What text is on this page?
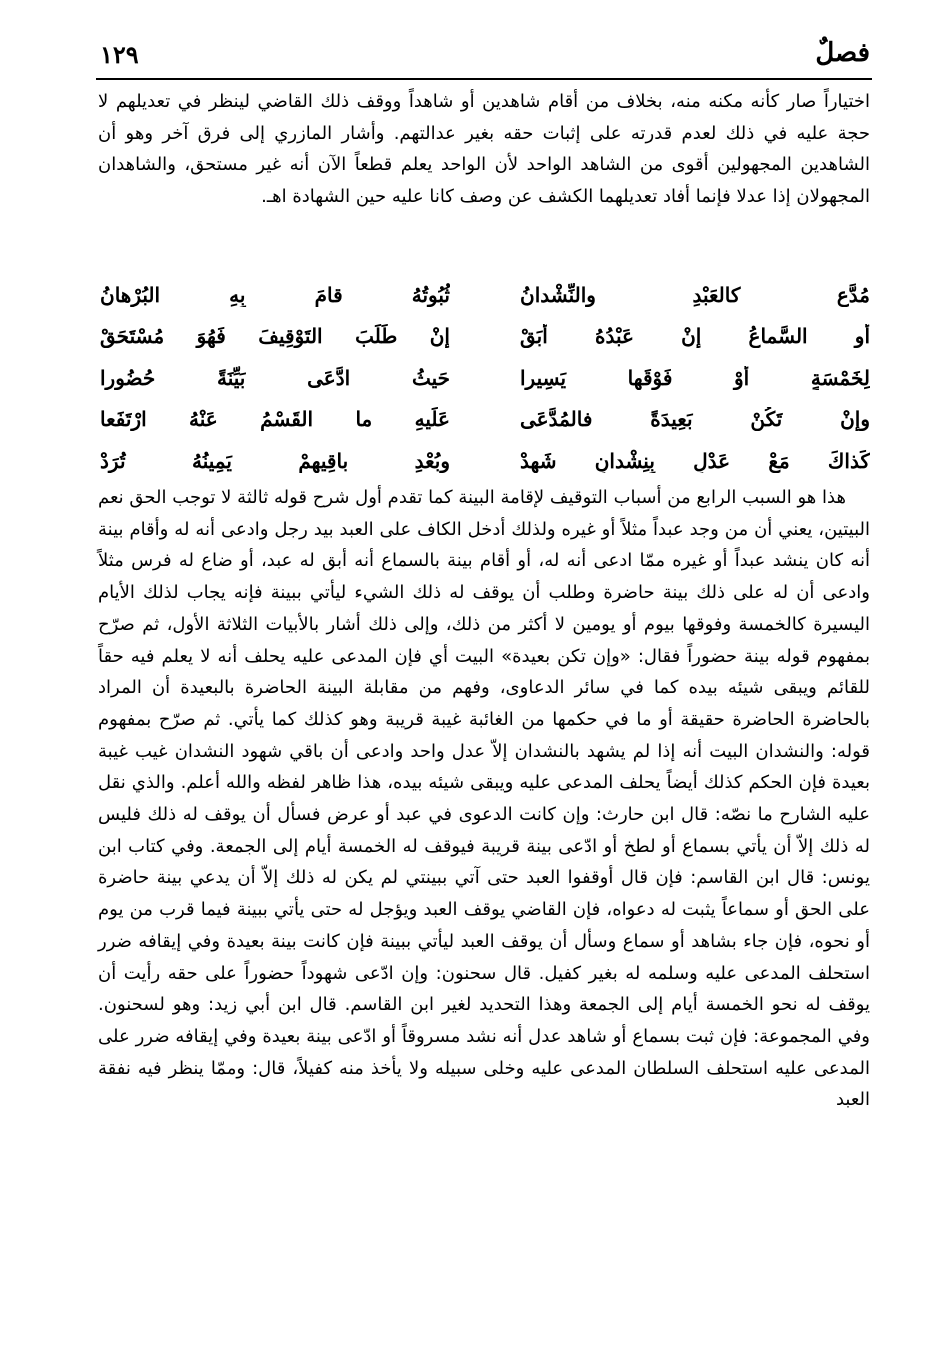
١٢٩	فصلٌ

اختياراً صار كأنه مكنه منه، بخلاف من أقام شاهدين أو شاهداً ووقف ذلك القاضي لينظر في تعديلهم لا حجة عليه في ذلك لعدم قدرته على إثبات حقه بغير عدالتهم. وأشار المازري إلى فرق آخر وهو أن الشاهدين المجهولين أقوى من الشاهد الواحد لأن الواحد يعلم قطعاً الآن أنه غير مستحق، والشاهدان المجهولان إذا عدلا فإنما أفاد تعديلهما الكشف عن وصف كانا عليه حين الشهادة اهـ.

مُدَّعٍ كالعَبْدِ والنِّشْدانُ
ثُبُوتُهُ قامَ بِهِ البُرْهانُ
أو السَّماعُ إنْ عَبْدُهُ أبَقْ
إنْ طَلَبَ التَوْقِيفَ فَهُوَ مُسْتَحَقْ
لِخَمْسَةٍ أوْ فَوْقَها يَسِيرا
حَيثُ ادَّعَى بَيِّنَةً حُضُورا
وإنْ تَكُنْ بَعِيدَةً فالمُدَّعَى
عَلَيهِ ما القَسْمُ عَنْهُ ارْتَفَعا
كَذاكَ مَعْ عَدْلٍ بِنِشْدانٍ شَهِدْ
وبُعْدِ باقِيهِمْ يَمِينُهُ تُرَدْ

هذا هو السبب الرابع من أسباب التوقيف لإقامة البينة كما تقدم أول شرح قوله ثالثة لا توجب الحق نعم البيتين، يعني أن من وجد عبداً مثلاً أو غيره ولذلك أدخل الكاف على العبد بيد رجل وادعى أنه له وأقام بينة أنه كان ينشد عبداً أو غيره ممّا ادعى أنه له، أو أقام بينة بالسماع أنه أبق له عبد، أو ضاع له فرس مثلاً وادعى أن له على ذلك بينة حاضرة وطلب أن يوقف له ذلك الشيء ليأتي ببينة فإنه يجاب لذلك الأيام اليسيرة كالخمسة وفوقها بيوم أو يومين لا أكثر من ذلك، وإلى ذلك أشار بالأبيات الثلاثة الأول، ثم صرّح بمفهوم قوله بينة حضوراً فقال: «وإن تكن بعيدة» البيت أي فإن المدعى عليه يحلف أنه لا يعلم فيه حقاً للقائم ويبقى شيئه بيده كما في سائر الدعاوى، وفهم من مقابلة البينة الحاضرة بالبعيدة أن المراد بالحاضرة الحاضرة حقيقة أو ما في حكمها من الغائبة غيبة قريبة وهو كذلك كما يأتي. ثم صرّح بمفهوم قوله: والنشدان البيت أنه إذا لم يشهد بالنشدان إلاّ عدل واحد وادعى أن باقي شهود النشدان غيب غيبة بعيدة فإن الحكم كذلك أيضاً يحلف المدعى عليه ويبقى شيئه بيده، هذا ظاهر لفظه والله أعلم. والذي نقل عليه الشارح ما نصّه: قال ابن حارث: وإن كانت الدعوى في عبد أو عرض فسأل أن يوقف له ذلك فليس له ذلك إلاّ أن يأتي بسماع أو لطخ أو ادّعى بينة قريبة فيوقف له الخمسة أيام إلى الجمعة. وفي كتاب ابن يونس: قال ابن القاسم: فإن قال أوقفوا العبد حتى آتي ببينتي لم يكن له ذلك إلاّ أن يدعي بينة حاضرة على الحق أو سماعاً يثبت له دعواه، فإن القاضي يوقف العبد ويؤجل له حتى يأتي ببينة فيما قرب من يوم أو نحوه، فإن جاء بشاهد أو سماع وسأل أن يوقف العبد ليأتي ببينة فإن كانت بينة بعيدة وفي إيقافه ضرر استحلف المدعى عليه وسلمه له بغير كفيل. قال سحنون: وإن ادّعى شهوداً حضوراً على حقه رأيت أن يوقف له نحو الخمسة أيام إلى الجمعة وهذا التحديد لغير ابن القاسم. قال ابن أبي زيد: وهو لسحنون. وفي المجموعة: فإن ثبت بسماع أو شاهد عدل أنه نشد مسروقاً أو ادّعى بينة بعيدة وفي إيقافه ضرر على المدعى عليه استحلف السلطان المدعى عليه وخلى سبيله ولا يأخذ منه كفيلاً، قال: وممّا ينظر فيه نفقة العبد
